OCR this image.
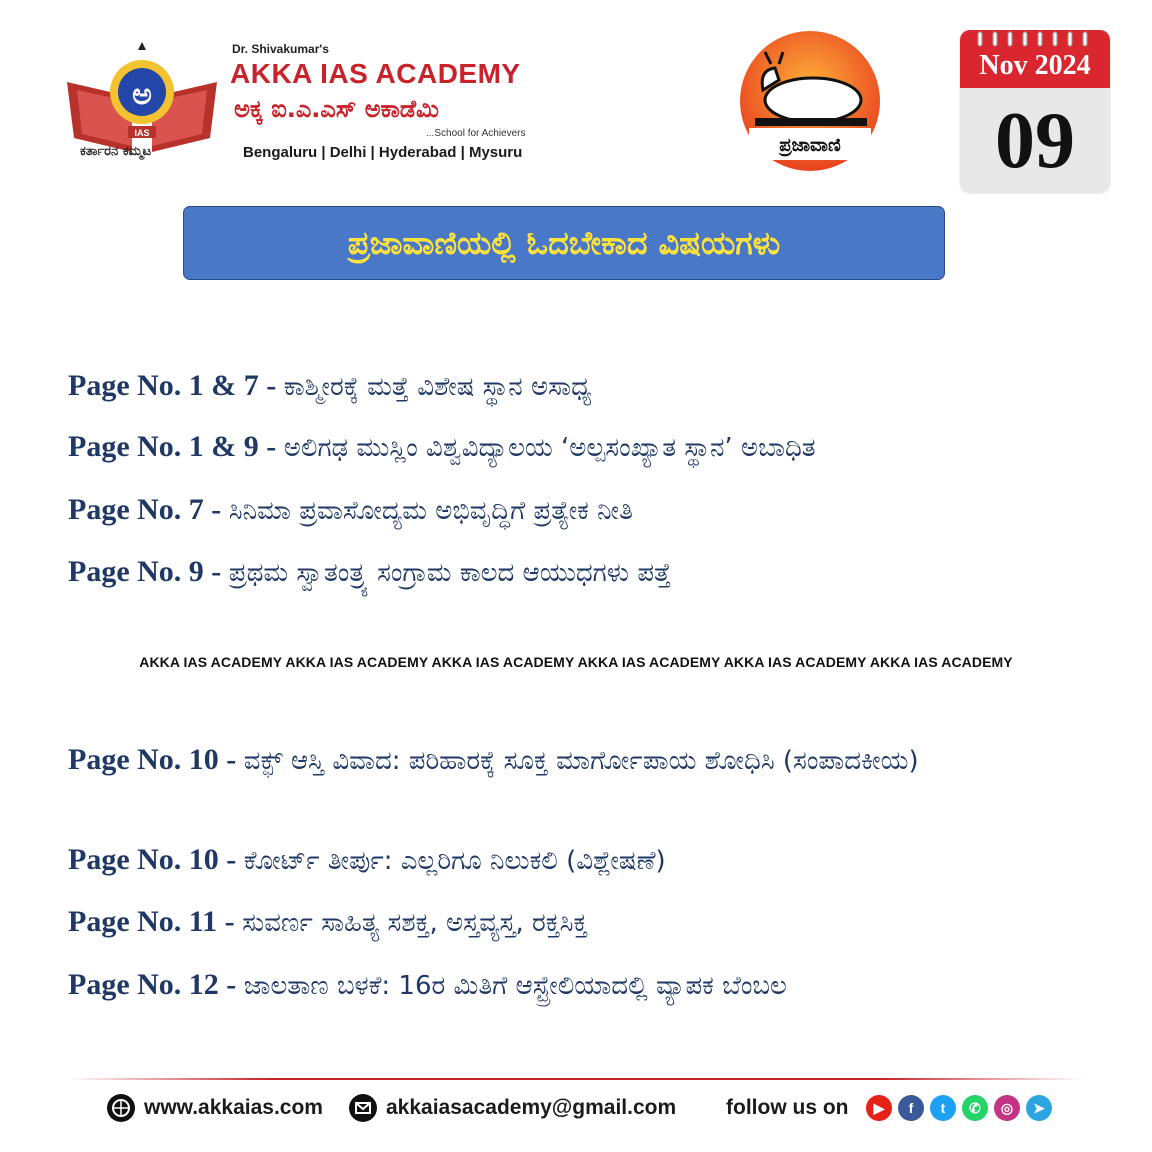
ಅ
IAS
ಕರ್ತಾರನ ಕಮ್ಮಟ
Dr. Shivakumar's
AKKA IAS ACADEMY
ಅಕ್ಕ ಐ.ಎ.ಎಸ್ ಅಕಾಡೆಮಿ
...School for Achievers
Bengaluru | Delhi | Hyderabad | Mysuru	ಪ್ರಜಾವಾಣಿ
Nov 2024
09
ಪ್ರಜಾವಾಣಿಯಲ್ಲಿ ಓದಬೇಕಾದ ವಿಷಯಗಳು
Page No. 1 & 7 - ಕಾಶ್ಮೀರಕ್ಕೆ ಮತ್ತೆ ವಿಶೇಷ ಸ್ಥಾನ ಅಸಾಧ್ಯ
Page No. 1 & 9 - ಅಲಿಗಢ ಮುಸ್ಲಿಂ ವಿಶ್ವವಿದ್ಯಾಲಯ ‘ಅಲ್ಪಸಂಖ್ಯಾತ ಸ್ಥಾನ’ ಅಬಾಧಿತ
Page No. 7 - ಸಿನಿಮಾ ಪ್ರವಾಸೋದ್ಯಮ ಅಭಿವೃದ್ಧಿಗೆ ಪ್ರತ್ಯೇಕ ನೀತಿ
Page No. 9 - ಪ್ರಥಮ ಸ್ವಾತಂತ್ರ್ಯ ಸಂಗ್ರಾಮ ಕಾಲದ ಆಯುಧಗಳು ಪತ್ತೆ
AKKA IAS ACADEMY AKKA IAS ACADEMY AKKA IAS ACADEMY AKKA IAS ACADEMY AKKA IAS ACADEMY AKKA IAS ACADEMY
Page No. 10 - ವಕ್ಫ್ ಆಸ್ತಿ ವಿವಾದ: ಪರಿಹಾರಕ್ಕೆ ಸೂಕ್ತ ಮಾರ್ಗೋಪಾಯ ಶೋಧಿಸಿ (ಸಂಪಾದಕೀಯ)
Page No. 10 - ಕೋರ್ಟ್ ತೀರ್ಪು: ಎಲ್ಲರಿಗೂ ನಿಲುಕಲಿ (ವಿಶ್ಲೇಷಣೆ)
Page No. 11 - ಸುವರ್ಣ ಸಾಹಿತ್ಯ ಸಶಕ್ತ, ಅಸ್ತವ್ಯಸ್ತ, ರಕ್ತಸಿಕ್ತ
Page No. 12 - ಜಾಲತಾಣ ಬಳಕೆ: 16ರ ಮಿತಿಗೆ ಆಸ್ಟ್ರೇಲಿಯಾದಲ್ಲಿ ವ್ಯಾಪಕ ಬೆಂಬಲ
www.akkaias.com	akkaiasacademy@gmail.com follow us on	▶	f	t	✆	◎	➤
